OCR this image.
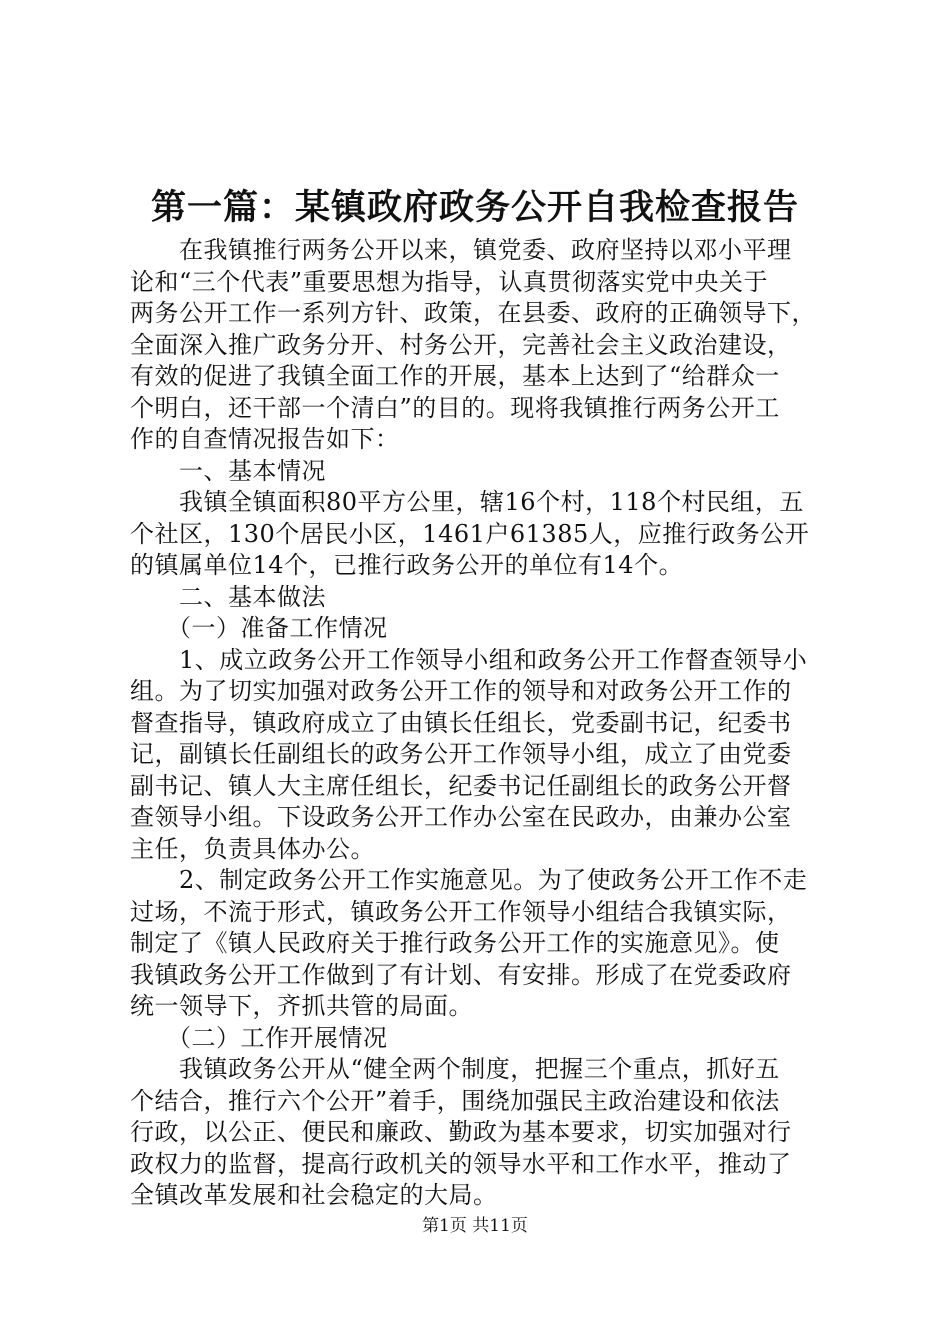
第一篇：某镇政府政务公开自我检查报告
　　在我镇推行两务公开以来，镇党委、政府坚持以邓小平理
论和“三个代表”重要思想为指导，认真贯彻落实党中央关于
两务公开工作一系列方针、政策，在县委、政府的正确领导下，
全面深入推广政务分开、村务公开，完善社会主义政治建设，
有效的促进了我镇全面工作的开展，基本上达到了“给群众一
个明白，还干部一个清白”的目的。现将我镇推行两务公开工
作的自查情况报告如下：
　　一、基本情况
　　我镇全镇面积80平方公里，辖16个村，118个村民组，五
个社区，130个居民小区，1461户61385人，应推行政务公开
的镇属单位14个，已推行政务公开的单位有14个。
　　二、基本做法
　　（一）准备工作情况
　　1、成立政务公开工作领导小组和政务公开工作督查领导小
组。为了切实加强对政务公开工作的领导和对政务公开工作的
督查指导，镇政府成立了由镇长任组长，党委副书记，纪委书
记，副镇长任副组长的政务公开工作领导小组，成立了由党委
副书记、镇人大主席任组长，纪委书记任副组长的政务公开督
查领导小组。下设政务公开工作办公室在民政办，由兼办公室
主任，负责具体办公。
　　2、制定政务公开工作实施意见。为了使政务公开工作不走
过场，不流于形式，镇政务公开工作领导小组结合我镇实际，
制定了《镇人民政府关于推行政务公开工作的实施意见》。使
我镇政务公开工作做到了有计划、有安排。形成了在党委政府
统一领导下，齐抓共管的局面。
　　（二）工作开展情况
　　我镇政务公开从“健全两个制度，把握三个重点，抓好五
个结合，推行六个公开”着手，围绕加强民主政治建设和依法
行政，以公正、便民和廉政、勤政为基本要求，切实加强对行
政权力的监督，提高行政机关的领导水平和工作水平，推动了
全镇改革发展和社会稳定的大局。
第1页 共11页
